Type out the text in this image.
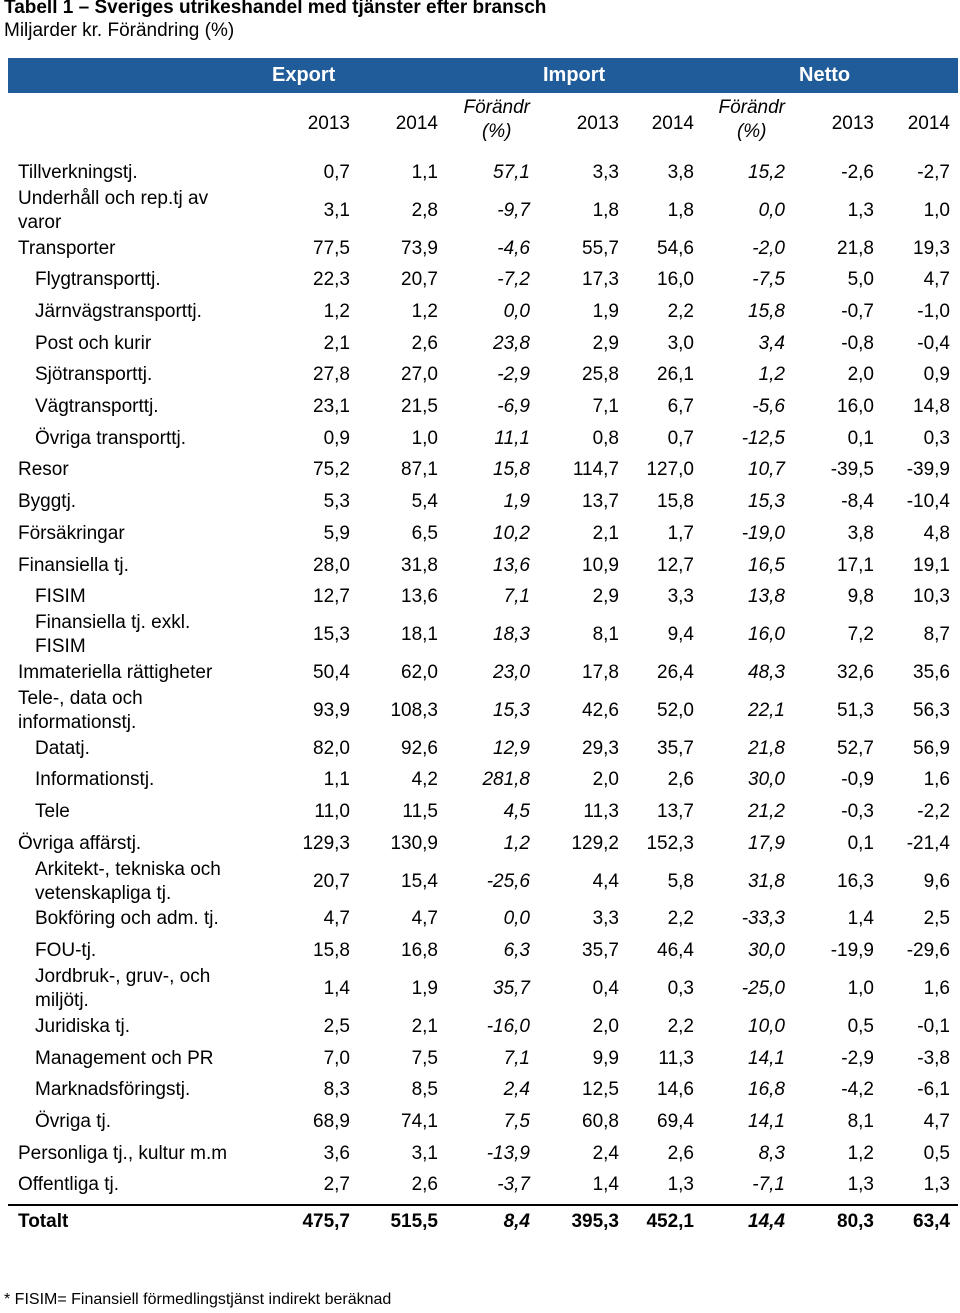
Tabell 1 – Sveriges utrikeshandel med tjänster efter bransch
Miljarder kr. Förändring (%)
Export	Import	Netto
2013 2014
Förändr
(%)	2013 2014
Förändr
(%)	2013 2014
Tillverkningstj.	0,7	1,1	57,1	3,3	3,8	15,2	-2,6 -2,7
Underhåll och rep.tj av
varor
3,1	2,8	-9,7	1,8	1,8	0,0	1,3	1,0
Transporter	77,5	73,9	-4,6	55,7 54,6	-2,0	21,8 19,3
Flygtransporttj.	22,3	20,7	-7,2	17,3 16,0	-7,5	5,0	4,7
Järnvägstransporttj.	1,2	1,2	0,0	1,9	2,2	15,8	-0,7 -1,0
Post och kurir	2,1	2,6	23,8	2,9	3,0	3,4	-0,8 -0,4
Sjötransporttj.	27,8	27,0	-2,9	25,8 26,1	1,2	2,0	0,9
Vägtransporttj.	23,1	21,5	-6,9	7,1	6,7	-5,6	16,0 14,8
Övriga transporttj.	0,9	1,0	11,1	0,8	0,7	-12,5	0,1	0,3
Resor	75,2	87,1	15,8 114,7 127,0	10,7 -39,5 -39,9
Byggtj.	5,3	5,4	1,9	13,7 15,8	15,3	-8,4 -10,4
Försäkringar	5,9	6,5	10,2	2,1	1,7	-19,0	3,8	4,8
Finansiella tj.	28,0	31,8	13,6	10,9 12,7	16,5	17,1 19,1
FISIM	12,7	13,6	7,1	2,9	3,3	13,8	9,8 10,3
Finansiella tj. exkl.
FISIM
15,3	18,1	18,3	8,1	9,4	16,0	7,2	8,7
Immateriella rättigheter	50,4	62,0	23,0	17,8 26,4	48,3	32,6 35,6
Tele-, data och
informationstj.
93,9 108,3	15,3	42,6 52,0	22,1	51,3 56,3
Datatj.	82,0	92,6	12,9	29,3 35,7	21,8	52,7 56,9
Informationstj.	1,1	4,2 281,8	2,0	2,6	30,0	-0,9	1,6
Tele	11,0	11,5	4,5	11,3 13,7	21,2	-0,3 -2,2
Övriga affärstj.	129,3 130,9	1,2 129,2 152,3	17,9	0,1 -21,4
Arkitekt-, tekniska och
vetenskapliga tj.
20,7	15,4	-25,6	4,4	5,8	31,8	16,3	9,6
Bokföring och adm. tj.	4,7	4,7	0,0	3,3	2,2	-33,3	1,4	2,5
FOU-tj.	15,8	16,8	6,3	35,7 46,4	30,0 -19,9 -29,6
Jordbruk-, gruv-, och
miljötj.
1,4	1,9	35,7	0,4	0,3	-25,0	1,0	1,6
Juridiska tj.	2,5	2,1	-16,0	2,0	2,2	10,0	0,5 -0,1
Management och PR	7,0	7,5	7,1	9,9 11,3	14,1	-2,9 -3,8
Marknadsföringstj.	8,3	8,5	2,4	12,5 14,6	16,8	-4,2 -6,1
Övriga tj.	68,9	74,1	7,5	60,8 69,4	14,1	8,1	4,7
Personliga tj., kultur m.m	3,6	3,1	-13,9	2,4	2,6	8,3	1,2	0,5
Offentliga tj.	2,7	2,6	-3,7	1,4	1,3	-7,1	1,3	1,3
Totalt	475,7 515,5	8,4 395,3 452,1	14,4	80,3 63,4
* FISIM= Finansiell förmedlingstjänst indirekt beräknad
